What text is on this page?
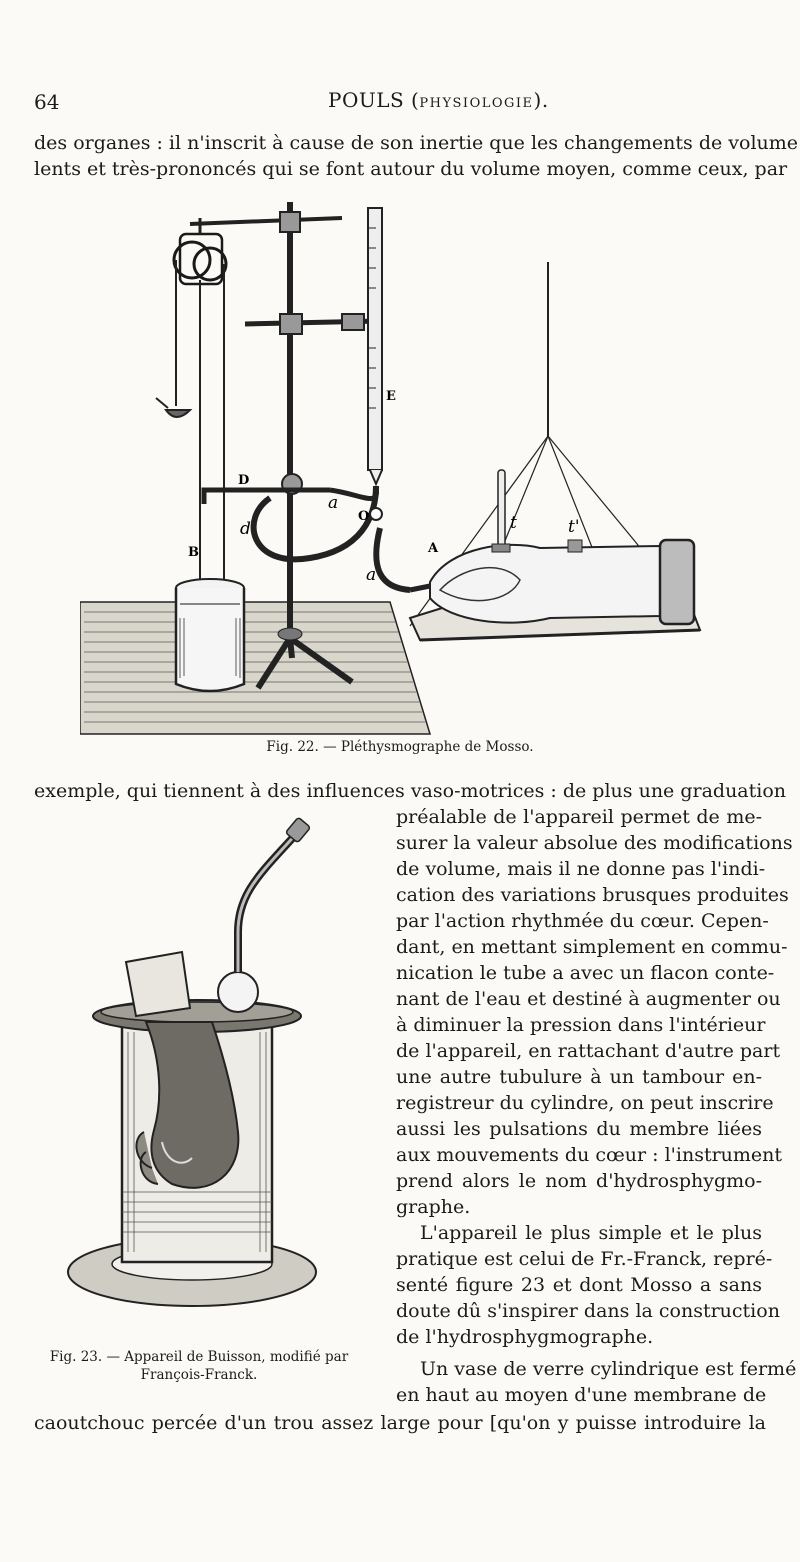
64	POULS (PHYSIOLOGIE).
des organes : il n'inscrit à cause de son inertie que les changements de volume
lents et très-prononcés qui se font autour du volume moyen, comme ceux, par
E
B
D
d
a
O
a
A
t	t'
Fig. 22. — Pléthysmographe de Mosso.
exemple, qui tiennent à des influences vaso-motrices : de plus une graduation
préalable de l'appareil permet de me-
surer la valeur absolue des modifications
de volume, mais il ne donne pas l'indi-
cation des variations brusques produites
par l'action rhythmée du cœur. Cepen-
dant, en mettant simplement en commu-
nication le tube a avec un flacon conte-
nant de l'eau et destiné à augmenter ou
à diminuer la pression dans l'intérieur
de l'appareil, en rattachant d'autre part
une autre tubulure à un tambour en-
registreur du cylindre, on peut inscrire
aussi les pulsations du membre liées
aux mouvements du cœur : l'instrument
prend alors le nom d'hydrosphygmo-
graphe.
L'appareil le plus simple et le plus
pratique est celui de Fr.-Franck, repré-
senté figure 23 et dont Mosso a sans
doute dû s'inspirer dans la construction
de l'hydrosphygmographe.
Un vase de verre cylindrique est fermé
en haut au moyen d'une membrane de
Fig. 23. — Appareil de Buisson, modifié par
François-Franck.
caoutchouc percée d'un trou assez large pour [qu'on y puisse introduire la
